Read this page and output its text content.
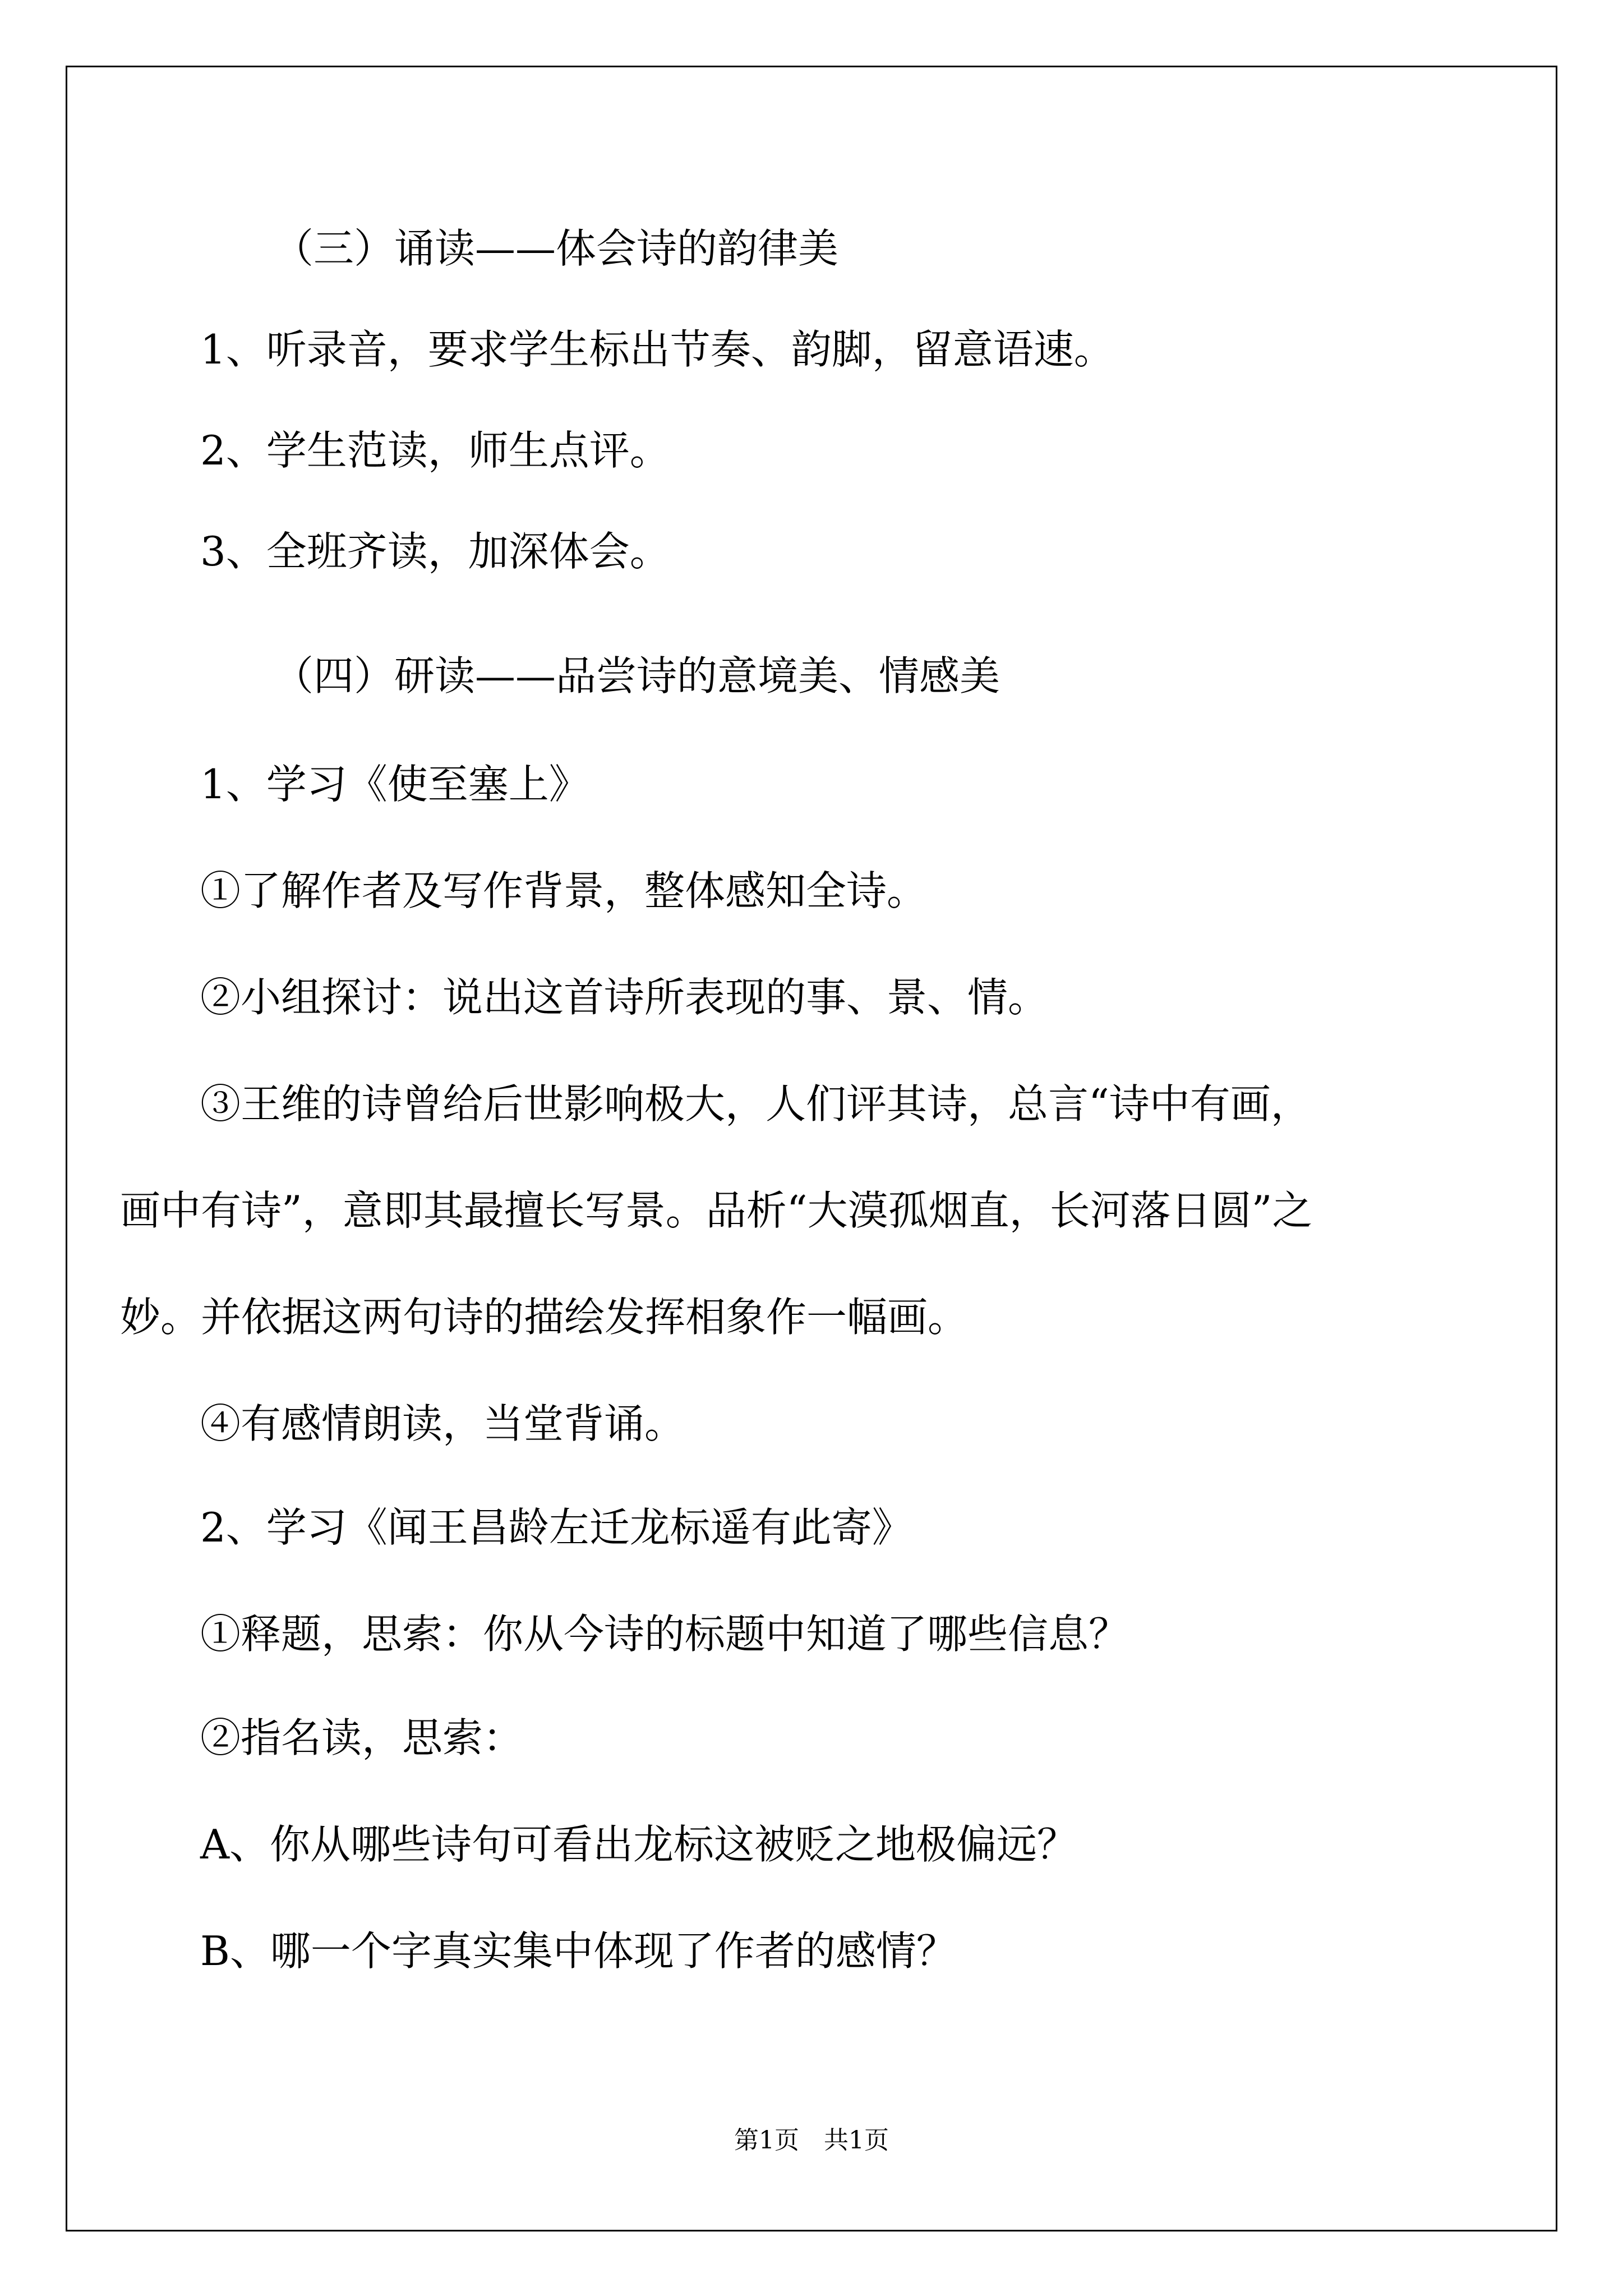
（三）诵读——体会诗的韵律美
1、听录音，要求学生标出节奏、韵脚，留意语速。
2、学生范读，师生点评。
3、全班齐读，加深体会。
（四）研读——品尝诗的意境美、情感美
1、学习《使至塞上》
①了解作者及写作背景，整体感知全诗。
②小组探讨：说出这首诗所表现的事、景、情。
③王维的诗曾给后世影响极大，人们评其诗，总言“诗中有画，
画中有诗”，意即其最擅长写景。品析“大漠孤烟直，长河落日圆”之
妙。并依据这两句诗的描绘发挥相象作一幅画。
④有感情朗读，当堂背诵。
2、学习《闻王昌龄左迁龙标遥有此寄》
①释题，思索：你从今诗的标题中知道了哪些信息？
②指名读，思索：
A、你从哪些诗句可看出龙标这被贬之地极偏远？
B、哪一个字真实集中体现了作者的感情？
第1页　共1页
